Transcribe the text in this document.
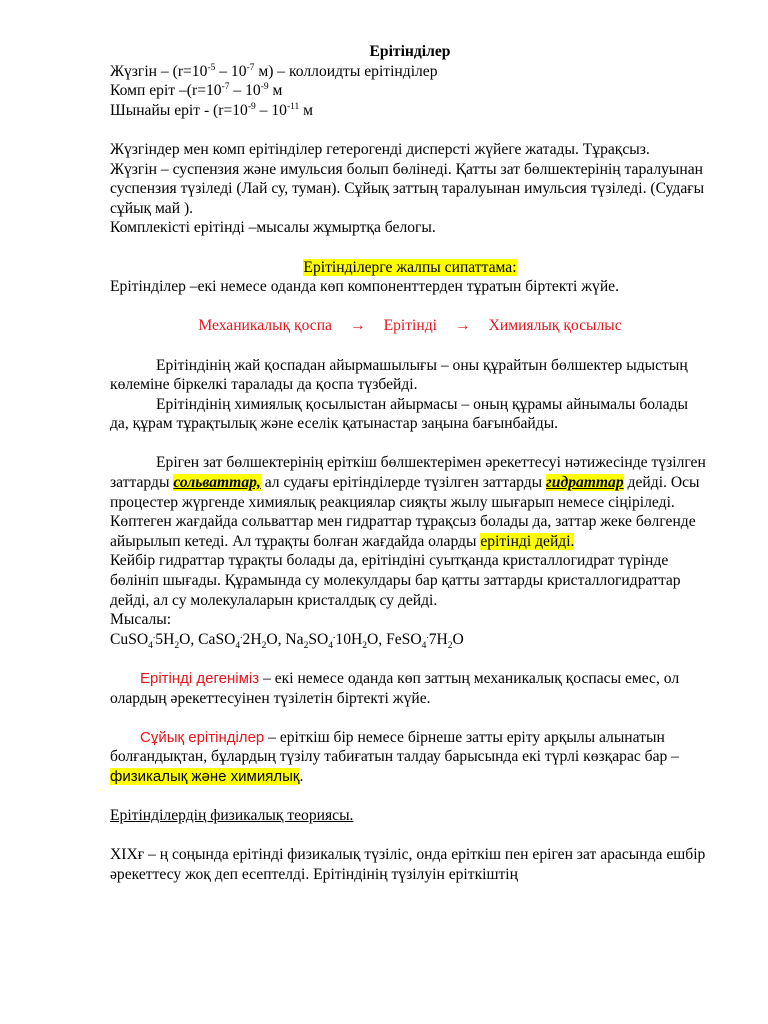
Ерітінділер

Жүзгін – ($r=10^{-5} - 10^{-7}$ м) – коллоидты ерітінділер

Комп ерiт $-(r=10^{-7} - 10^{-9}$ м

Шынайы ерiт - ($r=10^{-9} - 10^{-11}$ м

Жүзгіндер мен комп ерітінділер гетерогенді дисперсті жүйеге жатады. Тұрақсыз.

Жүзгін – суспензия және имульсия болып бөлінеді. Қатты зат бөлшектерінің таралуынан суспензия түзіледі (Лай су, туман). Сұйық заттың таралуынан имульсия түзіледі. (Судағы сұйық май ).

Комплекiстi ерітінді –мысалы жұмыртқа белогы.

Ерітінділерге жалпы сипаттама:

Ерітінділер –екі немесе оданда көп компоненттерден тұратын біртекті жүйе.

Механикалық қоспа → Ерітінді → Химиялық қосылыс

Ерітіндінің жай қоспадан айырмашылығы – оны құрайтын бөлшектер ыдыстың көлеміне біркелкі таралады да қоспа түзбейді.

Ерітіндінің химиялық қосылыстан айырмасы – оның құрамы айнымалы болады да, құрам тұрақтылық және еселік қатынастар заңына бағынбайды.

Еріген зат бөлшектерінің еріткіш бөлшектерімен әрекеттесуі нәтижесінде түзілген заттарды сольваттар, ал судағы ерітінділерде түзілген заттарды гидраттар дейді. Осы процестер жүргенде химиялық реакциялар сияқты жылу шығарып немесе сіңіріледі.

Көптеген жағдайда сольваттар мен гидраттар тұрақсыз болады да, заттар жеке бөлгенде айырылып кетеді. Ал тұрақты болған жағдайда оларды ерітінді дейді.

Кейбір гидраттар тұрақты болады да, ерітіндіні суытқанда кристаллогидрат түрінде бөлініп шығады. Құрамында су молекулдары бар қатты заттарды кристаллогидраттар дейді, ал су молекулаларын кристалдық су дейді.

Мысалы:

$CuSO_4^.5H_2O$, $CaSO_4^.2H_2O$, $Na_2SO_4^.10H_2O$, $FeSO_4^.7H_2O$

Ерітінді дегеніміз – екі немесе оданда көп заттың механикалық қоспасы емес, ол олардың әрекеттесуінен түзілетін біртекті жүйе.

Сұйық ерітінділер – еріткіш бір немесе бірнеше затты ерiту арқылы алынатын болғандықтан, бұлардың түзілу табиғатын талдау барысында екі түрлі көзқарас бар – физикалық және химиялық.

Ерітінділердің физикалық теориясы.

XIXғ – ң соңында ерітінді физикалық түзіліс, онда еріткіш пен еріген зат арасында ешбір әрекеттесу жоқ деп есептелді. Ерітіндінің түзілуін еріткіштің
